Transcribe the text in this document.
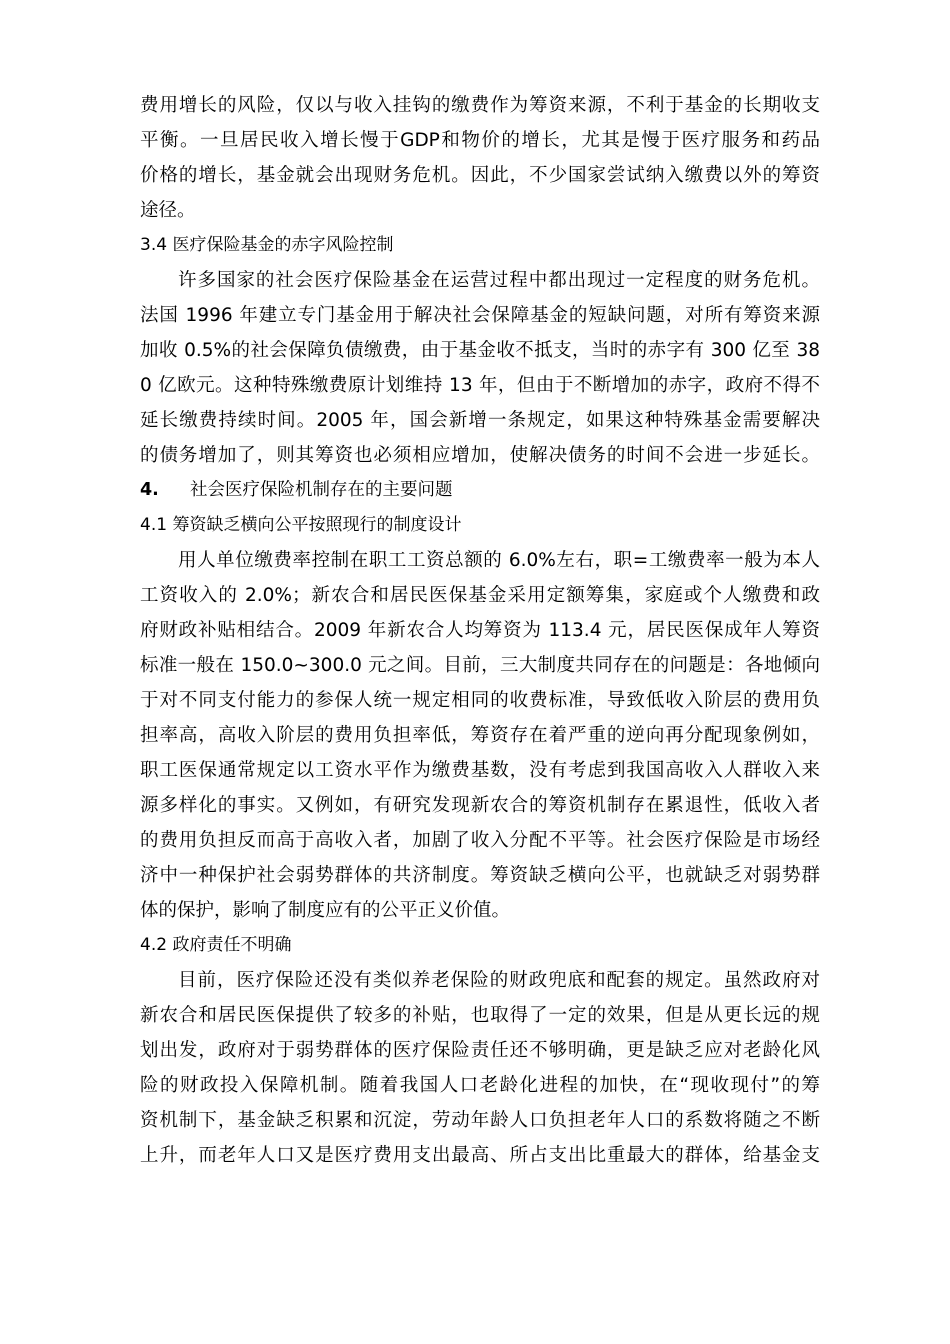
费用增长的风险，仅以与收入挂钩的缴费作为筹资来源，不利于基金的长期收支
平衡。一旦居民收入增长慢于GDP和物价的增长，尤其是慢于医疗服务和药品
价格的增长，基金就会出现财务危机。因此，不少国家尝试纳入缴费以外的筹资
途径。
3.4 医疗保险基金的赤字风险控制
许多国家的社会医疗保险基金在运营过程中都出现过一定程度的财务危机。
法国 1996 年建立专门基金用于解决社会保障基金的短缺问题，对所有筹资来源
加收 0.5%的社会保障负债缴费，由于基金收不抵支，当时的赤字有 300 亿至 38
0 亿欧元。这种特殊缴费原计划维持 13 年，但由于不断增加的赤字，政府不得不
延长缴费持续时间。2005 年，国会新增一条规定，如果这种特殊基金需要解决
的债务增加了，则其筹资也必须相应增加，使解决债务的时间不会进一步延长。
4. 社会医疗保险机制存在的主要问题
4.1 筹资缺乏横向公平按照现行的制度设计
用人单位缴费率控制在职工工资总额的 6.0%左右，职=工缴费率一般为本人
工资收入的 2.0%；新农合和居民医保基金采用定额筹集，家庭或个人缴费和政
府财政补贴相结合。2009 年新农合人均筹资为 113.4 元，居民医保成年人筹资
标准一般在 150.0~300.0 元之间。目前，三大制度共同存在的问题是：各地倾向
于对不同支付能力的参保人统一规定相同的收费标准，导致低收入阶层的费用负
担率高，高收入阶层的费用负担率低，筹资存在着严重的逆向再分配现象例如，
职工医保通常规定以工资水平作为缴费基数，没有考虑到我国高收入人群收入来
源多样化的事实。又例如，有研究发现新农合的筹资机制存在累退性，低收入者
的费用负担反而高于高收入者，加剧了收入分配不平等。社会医疗保险是市场经
济中一种保护社会弱势群体的共济制度。筹资缺乏横向公平，也就缺乏对弱势群
体的保护，影响了制度应有的公平正义价值。
4.2 政府责任不明确
目前，医疗保险还没有类似养老保险的财政兜底和配套的规定。虽然政府对
新农合和居民医保提供了较多的补贴，也取得了一定的效果，但是从更长远的规
划出发，政府对于弱势群体的医疗保险责任还不够明确，更是缺乏应对老龄化风
险的财政投入保障机制。随着我国人口老龄化进程的加快，在“现收现付”的筹
资机制下，基金缺乏积累和沉淀，劳动年龄人口负担老年人口的系数将随之不断
上升，而老年人口又是医疗费用支出最高、所占支出比重最大的群体，给基金支
